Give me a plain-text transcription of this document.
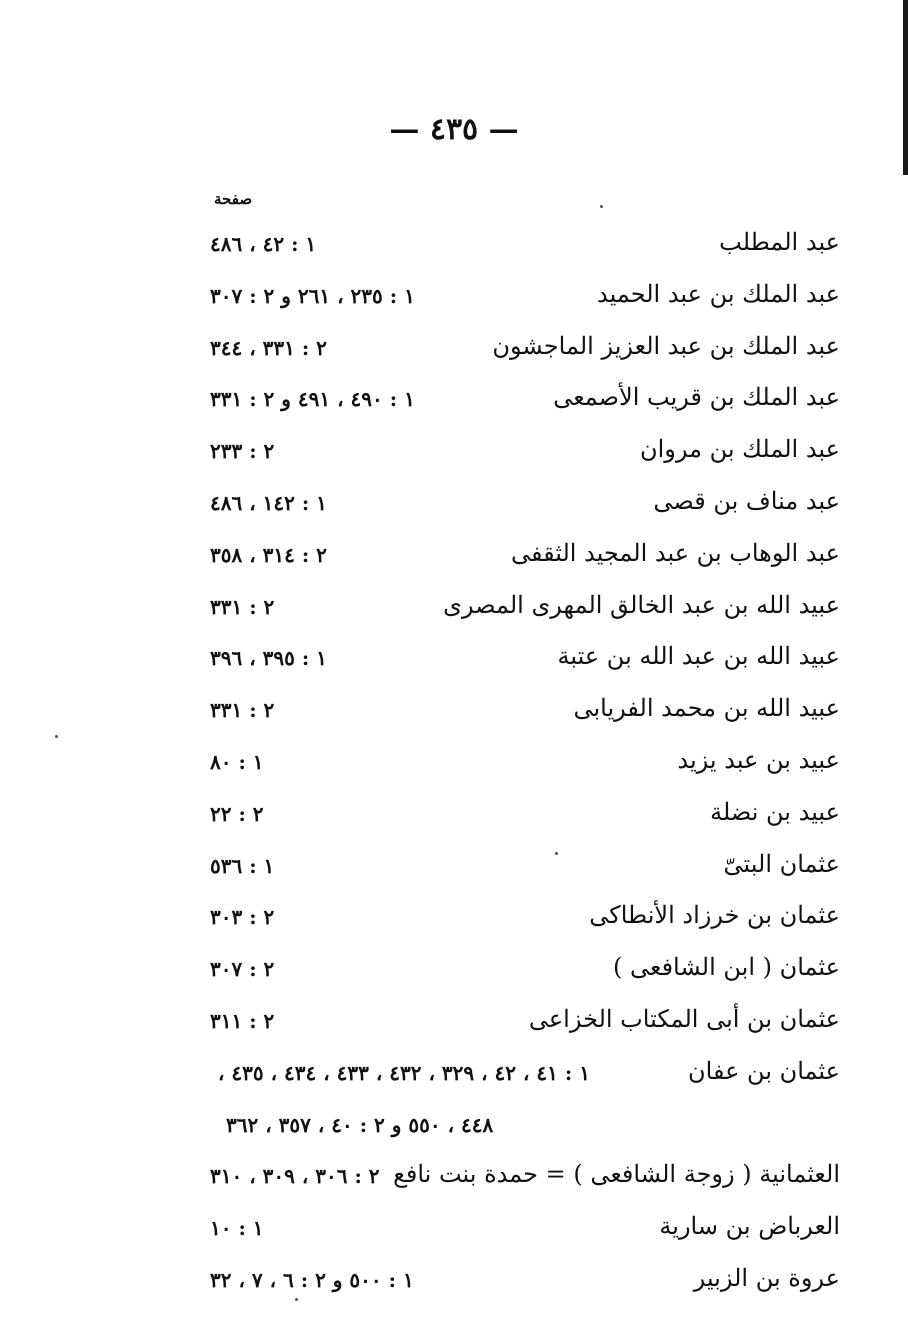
— ٤٣٥ —
صفحة
عبد المطلب
١ : ٤٢ ، ٤٨٦
عبد الملك بن عبد الحميد
١ : ٢٣٥ ، ٢٦١ و ٢ : ٣٠٧
عبد الملك بن عبد العزيز الماجشون
٢ : ٣٣١ ، ٣٤٤
عبد الملك بن قريب الأصمعى
١ : ٤٩٠ ، ٤٩١ و ٢ : ٣٣١
عبد الملك بن مروان
٢ : ٢٣٣
عبد مناف بن قصى
١ : ١٤٢ ، ٤٨٦
عبد الوهاب بن عبد المجيد الثقفى
٢ : ٣١٤ ، ٣٥٨
عبيد الله بن عبد الخالق المهرى المصرى
٢ : ٣٣١
عبيد الله بن عبد الله بن عتبة
١ : ٣٩٥ ، ٣٩٦
عبيد الله بن محمد الفريابى
٢ : ٣٣١
عبيد بن عبد يزيد
١ : ٨٠
عبيد بن نضلة
٢ : ٢٢
عثمان البتىّ
١ : ٥٣٦
عثمان بن خرزاد الأنطاكى
٢ : ٣٠٣
عثمان ( ابن الشافعى )
٢ : ٣٠٧
عثمان بن أبى المكتاب الخزاعى
٢ : ٣١١
عثمان بن عفان
١ : ٤١ ، ٤٢ ، ٣٢٩ ، ٤٣٢ ، ٤٣٣ ، ٤٣٤ ، ٤٣٥ ،
٤٤٨ ، ٥٥٠ و ٢ : ٤٠ ، ٣٥٧ ، ٣٦٢
العثمانية ( زوجة الشافعى ) = حمدة بنت نافع
٢ : ٣٠٦ ، ٣٠٩ ، ٣١٠
العرباض بن سارية
١ : ١٠
عروة بن الزبير
١ : ٥٠٠ و ٢ : ٦ ، ٧ ، ٣٢
